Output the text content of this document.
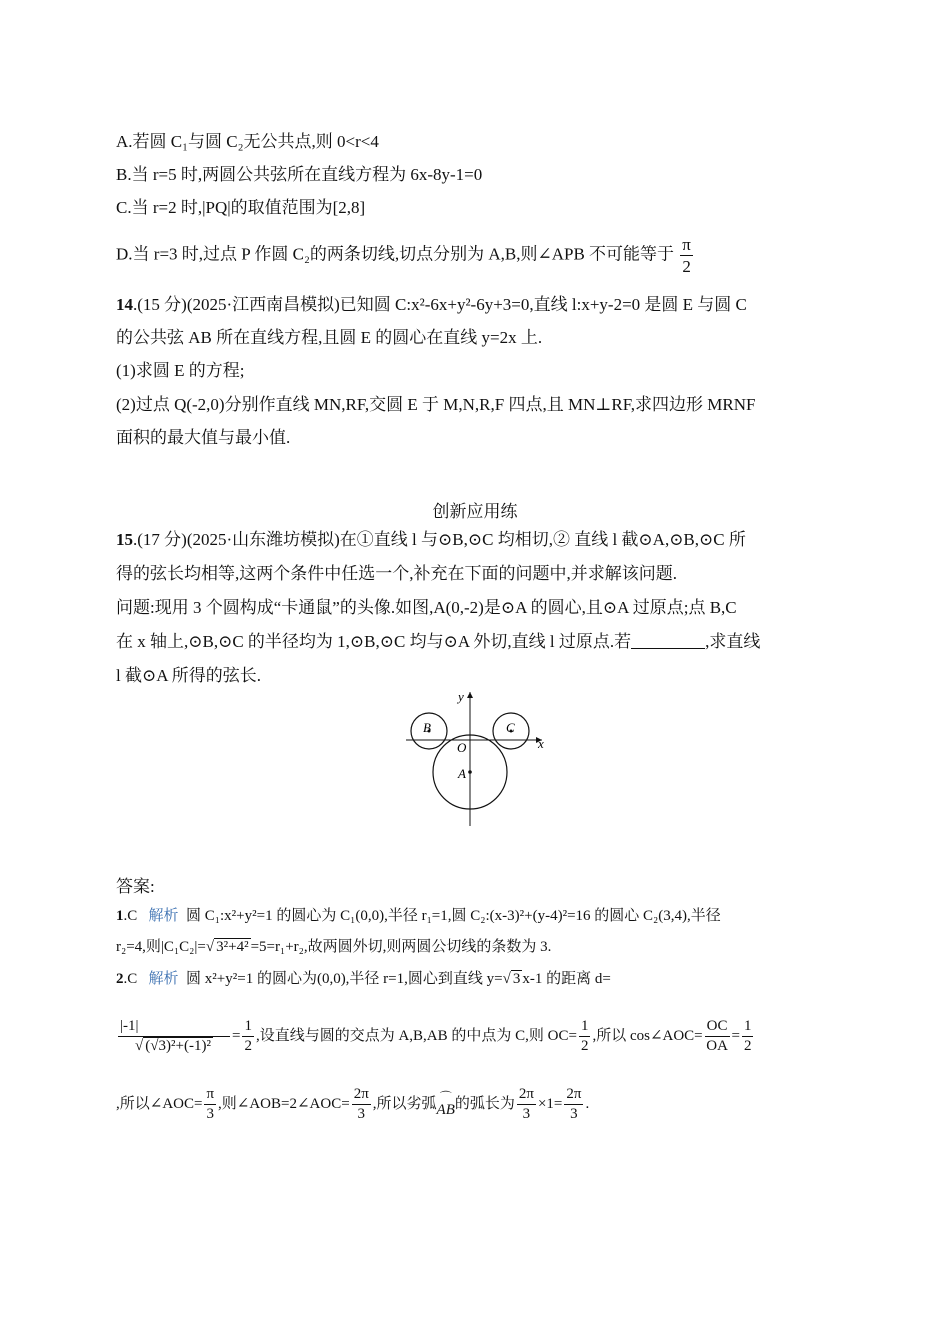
A.若圆 C₁与圆 C₂无公共点,则 0<r<4
B.当 r=5 时,两圆公共弦所在直线方程为 6x-8y-1=0
C.当 r=2 时,|PQ|的取值范围为[2,8]
D.当 r=3 时,过点 P 作圆 C₂的两条切线,切点分别为 A,B,则∠APB 不可能等于 $\frac{\pi}{2}$
14.(15 分)(2025·江西南昌模拟)已知圆 C:x²-6x+y²-6y+3=0,直线 l:x+y-2=0 是圆 E 与圆 C
的公共弦 AB 所在直线方程,且圆 E 的圆心在直线 y=2x 上.
(1)求圆 E 的方程;
(2)过点 Q(-2,0)分别作直线 MN,RF,交圆 E 于 M,N,R,F 四点,且 MN⊥RF,求四边形 MRNF
面积的最大值与最小值.
创新应用练
15.(17 分)(2025·山东潍坊模拟)在①直线 l 与⊙B,⊙C 均相切,② 直线 l 截⊙A,⊙B,⊙C 所
得的弦长均相等,这两个条件中任选一个,补充在下面的问题中,并求解该问题.
问题:现用 3 个圆构成“卡通鼠”的头像.如图,A(0,-2)是⊙A 的圆心,且⊙A 过原点;点 B,C
在 x 轴上,⊙B,⊙C 的半径均为 1,⊙B,⊙C 均与⊙A 外切,直线 l 过原点.若	,求直线
l 截⊙A 所得的弦长.
y
x
O
A
B	C
答案:
1.C 解析 圆 C₁:x²+y²=1 的圆心为 C₁(0,0),半径 r₁=1,圆 C₂:(x-3)²+(y-4)²=16 的圆心 C₂(3,4),半径
r₂=4,则|C₁C₂|=√ 3²+4² =5=r₁+r₂,故两圆外切,则两圆公切线的条数为 3.
2.C 解析 圆 x²+y²=1 的圆心为(0,0),半径 r=1,圆心到直线 y=√ 3 x-1 的距离 d=
$\frac{|-1|}{\text{√ (√3)²+(-1)²}} = \frac{1}{2}$ ,设直线与圆的交点为 A,B,AB 的中点为 C,则 $OC= \frac{1}{2}$ ,所以 cos∠AOC= $\frac{OC}{OA} = \frac{1}{2}$
,所以∠AOC= $\frac{\pi}{3}$ ,则∠AOB=2∠AOC= $\frac{2\pi}{3}$ ,所以劣弧 ⌒
AB 的弧长为 $\frac{2\pi}{3} \times 1= \frac{2\pi}{3}$ .
